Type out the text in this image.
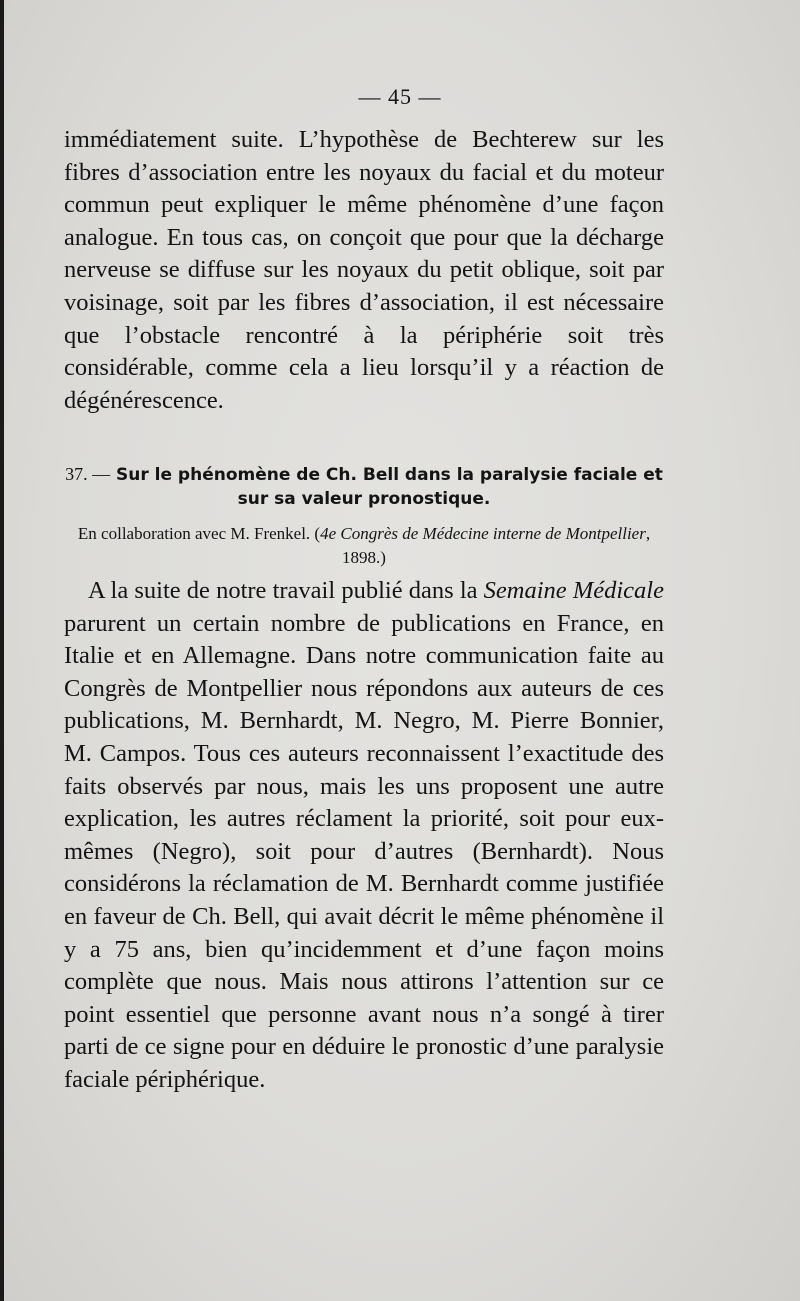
— 45 —

immédiatement suite. L’hypothèse de Bechterew sur les fibres d’association entre les noyaux du facial et du moteur commun peut expliquer le même phénomène d’une façon analogue. En tous cas, on conçoit que pour que la décharge nerveuse se diffuse sur les noyaux du petit oblique, soit par voisinage, soit par les fibres d’association, il est nécessaire que l’obstacle rencontré à la périphérie soit très considérable, comme cela a lieu lorsqu’il y a réaction de dégénérescence.

37. — Sur le phénomène de Ch. Bell dans la paralysie faciale et sur sa valeur pronostique.
En collaboration avec M. Frenkel. (4e Congrès de Médecine interne de Montpellier, 1898.)

A la suite de notre travail publié dans la Semaine Médicale parurent un certain nombre de publications en France, en Italie et en Allemagne. Dans notre communication faite au Congrès de Montpellier nous répondons aux auteurs de ces publications, M. Bernhardt, M. Negro, M. Pierre Bonnier, M. Campos. Tous ces auteurs reconnaissent l’exactitude des faits observés par nous, mais les uns proposent une autre explication, les autres réclament la priorité, soit pour eux-mêmes (Negro), soit pour d’autres (Bernhardt). Nous considérons la réclamation de M. Bernhardt comme justifiée en faveur de Ch. Bell, qui avait décrit le même phénomène il y a 75 ans, bien qu’incidemment et d’une façon moins complète que nous. Mais nous attirons l’attention sur ce point essentiel que personne avant nous n’a songé à tirer parti de ce signe pour en déduire le pronostic d’une paralysie faciale périphérique.
